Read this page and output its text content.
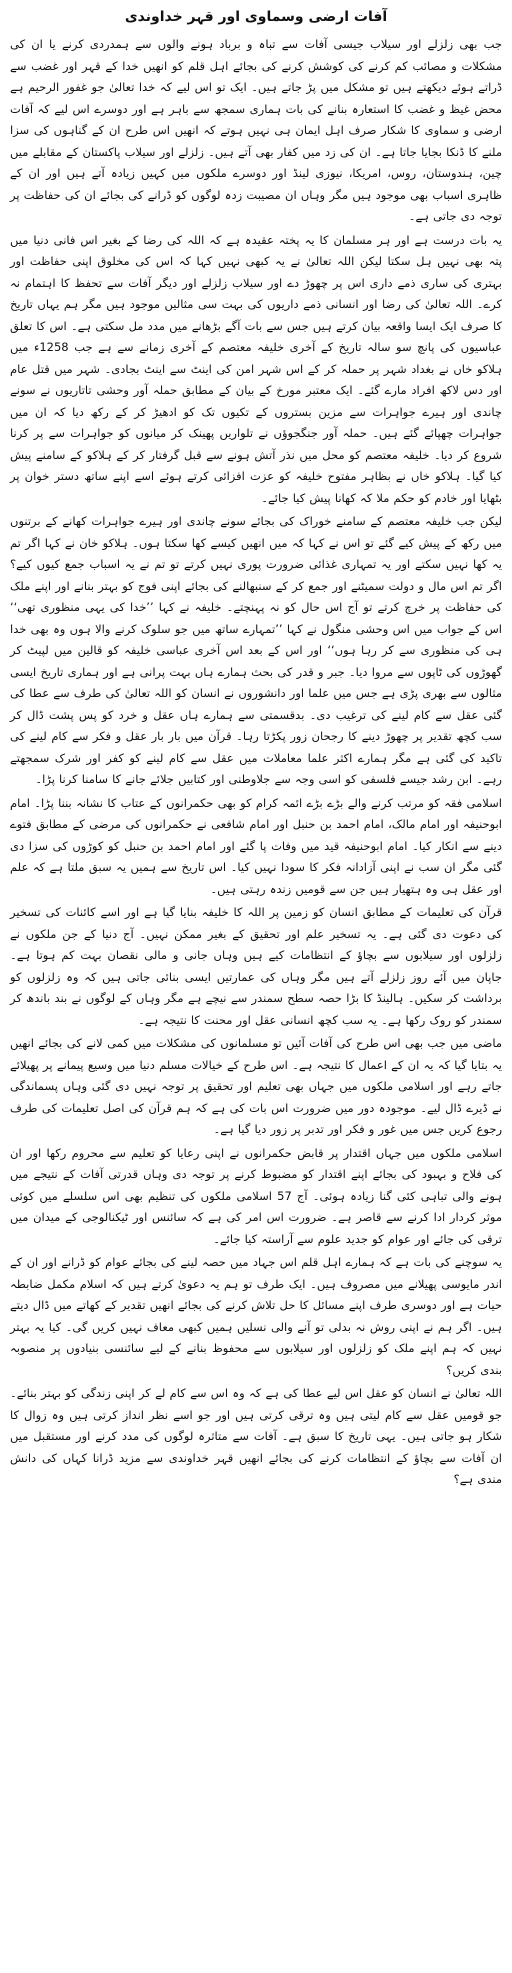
آفات ارضی وسماوی اور قہر خداوندی

جب بھی زلزلے اور سیلاب جیسی آفات سے تباہ و برباد ہونے والوں سے ہمدردی کرنے یا ان کی مشکلات و مصائب کم کرنے کی کوشش کرنے کی بجائے اہل قلم کو انھیں خدا کے قہر اور غضب سے ڈراتے ہوئے دیکھتے ہیں تو مشکل میں پڑ جاتے ہیں۔ ایک تو اس لیے کہ خدا تعالیٰ جو غفور الرحیم ہے محض غیظ و غضب کا استعارہ بنانے کی بات ہماری سمجھ سے باہر ہے اور دوسرے اس لیے کہ آفات ارضی و سماوی کا شکار صرف اہل ایمان ہی نہیں ہوتے کہ انھیں اس طرح ان کے گناہوں کی سزا ملنے کا ڈنکا بجایا جاتا ہے۔ ان کی زد میں کفار بھی آتے ہیں۔ زلزلے اور سیلاب پاکستان کے مقابلے میں چین، ہندوستان، روس، امریکا، نیوزی لینڈ اور دوسرے ملکوں میں کہیں زیادہ آتے ہیں اور ان کے ظاہری اسباب بھی موجود ہیں مگر وہاں ان مصیبت زدہ لوگوں کو ڈرانے کی بجائے ان کی حفاظت پر توجہ دی جاتی ہے۔

یہ بات درست ہے اور ہر مسلمان کا یہ پختہ عقیدہ ہے کہ اللہ کی رضا کے بغیر اس فانی دنیا میں پتہ بھی نہیں ہل سکتا لیکن اللہ تعالیٰ نے یہ کبھی نہیں کہا کہ اس کی مخلوق اپنی حفاظت اور بہتری کی ساری ذمے داری اس پر چھوڑ دے اور سیلاب زلزلے اور دیگر آفات سے تحفظ کا اہتمام نہ کرے۔ اللہ تعالیٰ کی رضا اور انسانی ذمے داریوں کی بہت سی مثالیں موجود ہیں مگر ہم یہاں تاریخ کا صرف ایک ایسا واقعہ بیان کرتے ہیں جس سے بات آگے بڑھانے میں مدد مل سکتی ہے۔ اس کا تعلق عباسیوں کی پانچ سو سالہ تاریخ کے آخری خلیفہ معتصم کے آخری زمانے سے ہے جب 1258ء میں ہلاکو خاں نے بغداد شہر پر حملہ کر کے اس شہر امن کی اینٹ سے اینٹ بجادی۔ شہر میں قتل عام اور دس لاکھ افراد مارے گئے۔ ایک معتبر مورخ کے بیان کے مطابق حملہ آور وحشی تاتاریوں نے سونے چاندی اور ہیرے جواہرات سے مزین بستروں کے تکیوں تک کو ادھیڑ کر کے رکھ دیا کہ ان میں جواہرات چھپائے گئے ہیں۔ حملہ آور جنگجوؤں نے تلواریں پھینک کر میانوں کو جواہرات سے پر کرنا شروع کر دیا۔ خلیفہ معتصم کو محل میں نذر آتش ہونے سے قبل گرفتار کر کے ہلاکو کے سامنے پیش کیا گیا۔ ہلاکو خاں نے بظاہر مفتوح خلیفہ کو عزت افزائی کرتے ہوئے اسے اپنے ساتھ دستر خوان پر بٹھایا اور خادم کو حکم ملا کہ کھانا پیش کیا جائے۔

لیکن جب خلیفہ معتصم کے سامنے خوراک کی بجائے سونے چاندی اور ہیرے جواہرات کھانے کے برتنوں میں رکھ کے پیش کیے گئے تو اس نے کہا کہ میں انھیں کیسے کھا سکتا ہوں۔ ہلاکو خان نے کہا اگر تم یہ کھا نہیں سکتے اور یہ تمہاری غذائی ضرورت پوری نہیں کرتے تو تم نے یہ اسباب جمع کیوں کیے؟ اگر تم اس مال و دولت سمیٹنے اور جمع کر کے سنبھالنے کی بجائے اپنی فوج کو بہتر بنانے اور اپنے ملک کی حفاظت پر خرچ کرتے تو آج اس حال کو نہ پہنچتے۔ خلیفہ نے کہا ’’خدا کی یہی منظوری تھی‘‘ اس کے جواب میں اس وحشی منگول نے کہا ’’تمہارے ساتھ میں جو سلوک کرنے والا ہوں وہ بھی خدا ہی کی منظوری سے کر رہا ہوں‘‘ اور اس کے بعد اس آخری عباسی خلیفہ کو قالین میں لپیٹ کر گھوڑوں کی ٹاپوں سے مروا دیا۔ جبر و قدر کی بحث ہمارے ہاں بہت پرانی ہے اور ہماری تاریخ ایسی مثالوں سے بھری پڑی ہے جس میں علما اور دانشوروں نے انسان کو اللہ تعالیٰ کی طرف سے عطا کی گئی عقل سے کام لینے کی ترغیب دی۔ بدقسمتی سے ہمارے ہاں عقل و خرد کو پس پشت ڈال کر سب کچھ تقدیر پر چھوڑ دینے کا رجحان زور پکڑتا رہا۔ قرآن میں بار بار عقل و فکر سے کام لینے کی تاکید کی گئی ہے مگر ہمارے اکثر علما معاملات میں عقل سے کام لینے کو کفر اور شرک سمجھتے رہے۔ ابن رشد جیسے فلسفی کو اسی وجہ سے جلاوطنی اور کتابیں جلائے جانے کا سامنا کرنا پڑا۔

اسلامی فقہ کو مرتب کرنے والے بڑے بڑے ائمہ کرام کو بھی حکمرانوں کے عتاب کا نشانہ بننا پڑا۔ امام ابوحنیفہ اور امام مالک، امام احمد بن حنبل اور امام شافعی نے حکمرانوں کی مرضی کے مطابق فتوے دینے سے انکار کیا۔ امام ابوحنیفہ قید میں وفات پا گئے اور امام احمد بن حنبل کو کوڑوں کی سزا دی گئی مگر ان سب نے اپنی آزادانہ فکر کا سودا نہیں کیا۔ اس تاریخ سے ہمیں یہ سبق ملتا ہے کہ علم اور عقل ہی وہ ہتھیار ہیں جن سے قومیں زندہ رہتی ہیں۔

قرآن کی تعلیمات کے مطابق انسان کو زمین پر اللہ کا خلیفہ بنایا گیا ہے اور اسے کائنات کی تسخیر کی دعوت دی گئی ہے۔ یہ تسخیر علم اور تحقیق کے بغیر ممکن نہیں۔ آج دنیا کے جن ملکوں نے زلزلوں اور سیلابوں سے بچاؤ کے انتظامات کیے ہیں وہاں جانی و مالی نقصان بہت کم ہوتا ہے۔ جاپان میں آئے روز زلزلے آتے ہیں مگر وہاں کی عمارتیں ایسی بنائی جاتی ہیں کہ وہ زلزلوں کو برداشت کر سکیں۔ ہالینڈ کا بڑا حصہ سطح سمندر سے نیچے ہے مگر وہاں کے لوگوں نے بند باندھ کر سمندر کو روک رکھا ہے۔ یہ سب کچھ انسانی عقل اور محنت کا نتیجہ ہے۔

ماضی میں جب بھی اس طرح کی آفات آئیں تو مسلمانوں کی مشکلات میں کمی لانے کی بجائے انھیں یہ بتایا گیا کہ یہ ان کے اعمال کا نتیجہ ہے۔ اس طرح کے خیالات مسلم دنیا میں وسیع پیمانے پر پھیلائے جاتے رہے اور اسلامی ملکوں میں جہاں بھی تعلیم اور تحقیق پر توجہ نہیں دی گئی وہاں پسماندگی نے ڈیرے ڈال لیے۔ موجودہ دور میں ضرورت اس بات کی ہے کہ ہم قرآن کی اصل تعلیمات کی طرف رجوع کریں جس میں غور و فکر اور تدبر پر زور دیا گیا ہے۔

اسلامی ملکوں میں جہاں اقتدار پر قابض حکمرانوں نے اپنی رعایا کو تعلیم سے محروم رکھا اور ان کی فلاح و بہبود کی بجائے اپنے اقتدار کو مضبوط کرنے پر توجہ دی وہاں قدرتی آفات کے نتیجے میں ہونے والی تباہی کئی گنا زیادہ ہوئی۔ آج 57 اسلامی ملکوں کی تنظیم بھی اس سلسلے میں کوئی موثر کردار ادا کرنے سے قاصر ہے۔ ضرورت اس امر کی ہے کہ سائنس اور ٹیکنالوجی کے میدان میں ترقی کی جائے اور عوام کو جدید علوم سے آراستہ کیا جائے۔

یہ سوچنے کی بات ہے کہ ہمارے اہل قلم اس جہاد میں حصہ لینے کی بجائے عوام کو ڈرانے اور ان کے اندر مایوسی پھیلانے میں مصروف ہیں۔ ایک طرف تو ہم یہ دعویٰ کرتے ہیں کہ اسلام مکمل ضابطہ حیات ہے اور دوسری طرف اپنے مسائل کا حل تلاش کرنے کی بجائے انھیں تقدیر کے کھاتے میں ڈال دیتے ہیں۔ اگر ہم نے اپنی روش نہ بدلی تو آنے والی نسلیں ہمیں کبھی معاف نہیں کریں گی۔ کیا یہ بہتر نہیں کہ ہم اپنے ملک کو زلزلوں اور سیلابوں سے محفوظ بنانے کے لیے سائنسی بنیادوں پر منصوبہ بندی کریں؟

اللہ تعالیٰ نے انسان کو عقل اس لیے عطا کی ہے کہ وہ اس سے کام لے کر اپنی زندگی کو بہتر بنائے۔ جو قومیں عقل سے کام لیتی ہیں وہ ترقی کرتی ہیں اور جو اسے نظر انداز کرتی ہیں وہ زوال کا شکار ہو جاتی ہیں۔ یہی تاریخ کا سبق ہے۔ آفات سے متاثرہ لوگوں کی مدد کرنے اور مستقبل میں ان آفات سے بچاؤ کے انتظامات کرنے کی بجائے انھیں قہر خداوندی سے مزید ڈرانا کہاں کی دانش مندی ہے؟
